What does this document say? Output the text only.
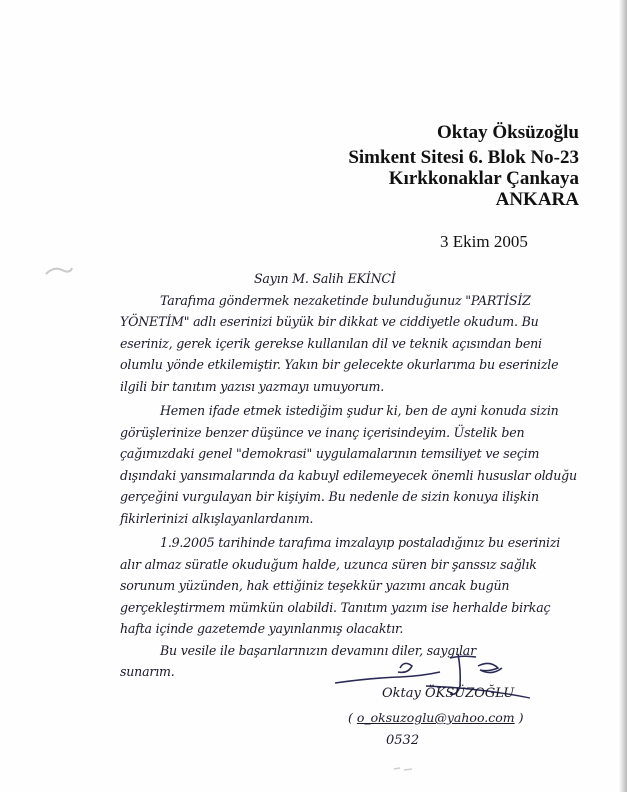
Oktay Öksüzoğlu
Simkent Sitesi 6. Blok No-23
Kırkkonaklar Çankaya
ANKARA
3 Ekim 2005
Sayın M. Salih EKİNCİ
Tarafıma göndermek nezaketinde bulunduğunuz "PARTİSİZ
YÖNETİM" adlı eserinizi büyük bir dikkat ve ciddiyetle okudum. Bu
eseriniz, gerek içerik gerekse kullanılan dil ve teknik açısından beni
olumlu yönde etkilemiştir. Yakın bir gelecekte okurlarıma bu eserinizle
ilgili bir tanıtım yazısı yazmayı umuyorum.
Hemen ifade etmek istediğim şudur ki, ben de ayni konuda sizin
görüşlerinize benzer düşünce ve inanç içerisindeyim. Üstelik ben
çağımızdaki genel "demokrasi" uygulamalarının temsiliyet ve seçim
dışındaki yansımalarında da kabuyl edilemeyecek önemli hususlar olduğu
gerçeğini vurgulayan bir kişiyim. Bu nedenle de sizin konuya ilişkin
fikirlerinizi alkışlayanlardanım.
1.9.2005 tarihinde tarafıma imzalayıp postaladığınız bu eserinizi
alır almaz süratle okuduğum halde, uzunca süren bir şanssız sağlık
sorunum yüzünden, hak ettiğiniz teşekkür yazımı ancak bugün
gerçekleştirmem mümkün olabildi. Tanıtım yazım ise herhalde birkaç
hafta içinde gazetemde yayınlanmış olacaktır.
Bu vesile ile başarılarınızın devamını diler, saygılar
sunarım.
Oktay ÖKSÜZOĞLU
( o_oksuzoglu@yahoo.com )
0532
